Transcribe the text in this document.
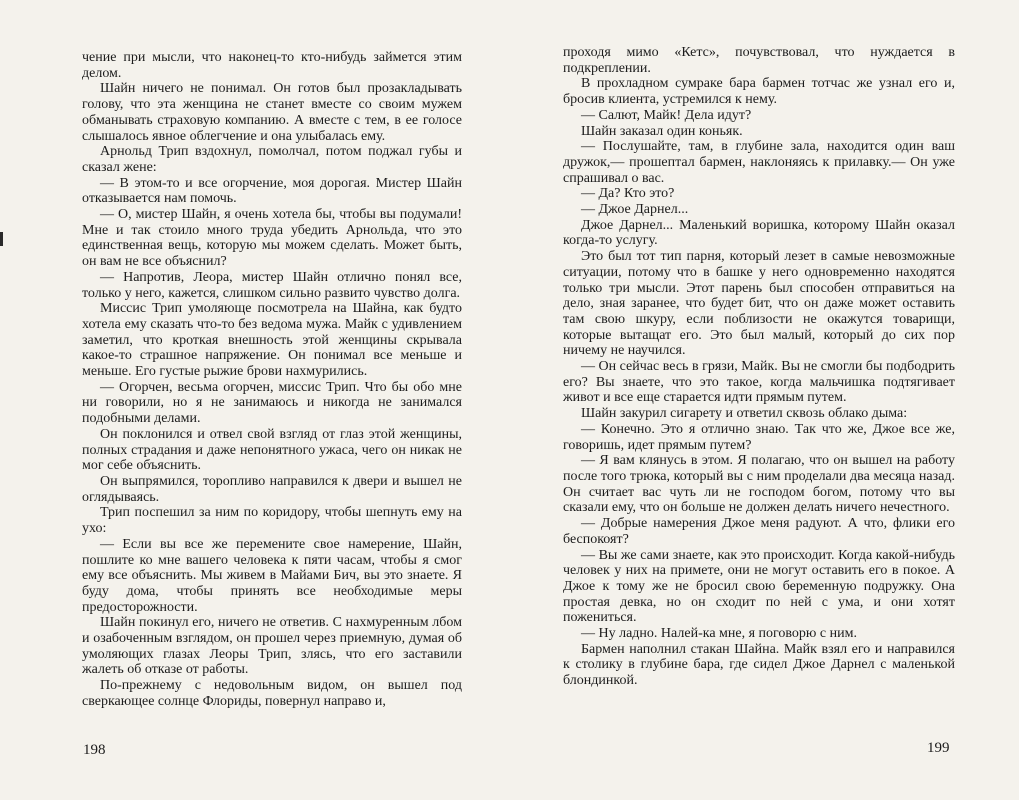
чение при мысли, что наконец-то кто-нибудь займется этим делом.

Шайн ничего не понимал. Он готов был прозакладывать голову, что эта женщина не станет вместе со своим мужем обманывать страховую компанию. А вместе с тем, в ее голосе слышалось явное облегчение и она улыбалась ему.

Арнольд Трип вздохнул, помолчал, потом поджал губы и сказал жене:

— В этом-то и все огорчение, моя дорогая. Мистер Шайн отказывается нам помочь.

— О, мистер Шайн, я очень хотела бы, чтобы вы подумали! Мне и так стоило много труда убедить Арнольда, что это единственная вещь, которую мы можем сделать. Может быть, он вам не все объяснил?

— Напротив, Леора, мистер Шайн отлично понял все, только у него, кажется, слишком сильно развито чувство долга.

Миссис Трип умоляюще посмотрела на Шайна, как будто хотела ему сказать что-то без ведома мужа. Майк с удивлением заметил, что кроткая внешность этой женщины скрывала какое-то страшное напряжение. Он понимал все меньше и меньше. Его густые рыжие брови нахмурились.

— Огорчен, весьма огорчен, миссис Трип. Что бы обо мне ни говорили, но я не занимаюсь и никогда не занимался подобными делами.

Он поклонился и отвел свой взгляд от глаз этой женщины, полных страдания и даже непонятного ужаса, чего он никак не мог себе объяснить.

Он выпрямился, торопливо направился к двери и вышел не оглядываясь.

Трип поспешил за ним по коридору, чтобы шепнуть ему на ухо:

— Если вы все же перемените свое намерение, Шайн, пошлите ко мне вашего человека к пяти часам, чтобы я смог ему все объяснить. Мы живем в Майами Бич, вы это знаете. Я буду дома, чтобы принять все необходимые меры предосторожности.

Шайн покинул его, ничего не ответив. С нахмуренным лбом и озабоченным взглядом, он прошел через приемную, думая об умоляющих глазах Леоры Трип, злясь, что его заставили жалеть об отказе от работы.

По-прежнему с недовольным видом, он вышел под сверкающее солнце Флориды, повернул направо и,

198

проходя мимо «Кетс», почувствовал, что нуждается в подкреплении.

В прохладном сумраке бара бармен тотчас же узнал его и, бросив клиента, устремился к нему.

— Салют, Майк! Дела идут?

Шайн заказал один коньяк.

— Послушайте, там, в глубине зала, находится один ваш дружок,— прошептал бармен, наклоняясь к прилавку.— Он уже спрашивал о вас.

— Да? Кто это?

— Джое Дарнел...

Джое Дарнел... Маленький воришка, которому Шайн оказал когда-то услугу.

Это был тот тип парня, который лезет в самые невозможные ситуации, потому что в башке у него одновременно находятся только три мысли. Этот парень был способен отправиться на дело, зная заранее, что будет бит, что он даже может оставить там свою шкуру, если поблизости не окажутся товарищи, которые вытащат его. Это был малый, который до сих пор ничему не научился.

— Он сейчас весь в грязи, Майк. Вы не смогли бы подбодрить его? Вы знаете, что это такое, когда мальчишка подтягивает живот и все еще старается идти прямым путем.

Шайн закурил сигарету и ответил сквозь облако дыма:

— Конечно. Это я отлично знаю. Так что же, Джое все же, говоришь, идет прямым путем?

— Я вам клянусь в этом. Я полагаю, что он вышел на работу после того трюка, который вы с ним проделали два месяца назад. Он считает вас чуть ли не господом богом, потому что вы сказали ему, что он больше не должен делать ничего нечестного.

— Добрые намерения Джое меня радуют. А что, флики его беспокоят?

— Вы же сами знаете, как это происходит. Когда какой-нибудь человек у них на примете, они не могут оставить его в покое. А Джое к тому же не бросил свою беременную подружку. Она простая девка, но он сходит по ней с ума, и они хотят пожениться.

— Ну ладно. Налей-ка мне, я поговорю с ним.

Бармен наполнил стакан Шайна. Майк взял его и направился к столику в глубине бара, где сидел Джое Дарнел с маленькой блондинкой.

199
